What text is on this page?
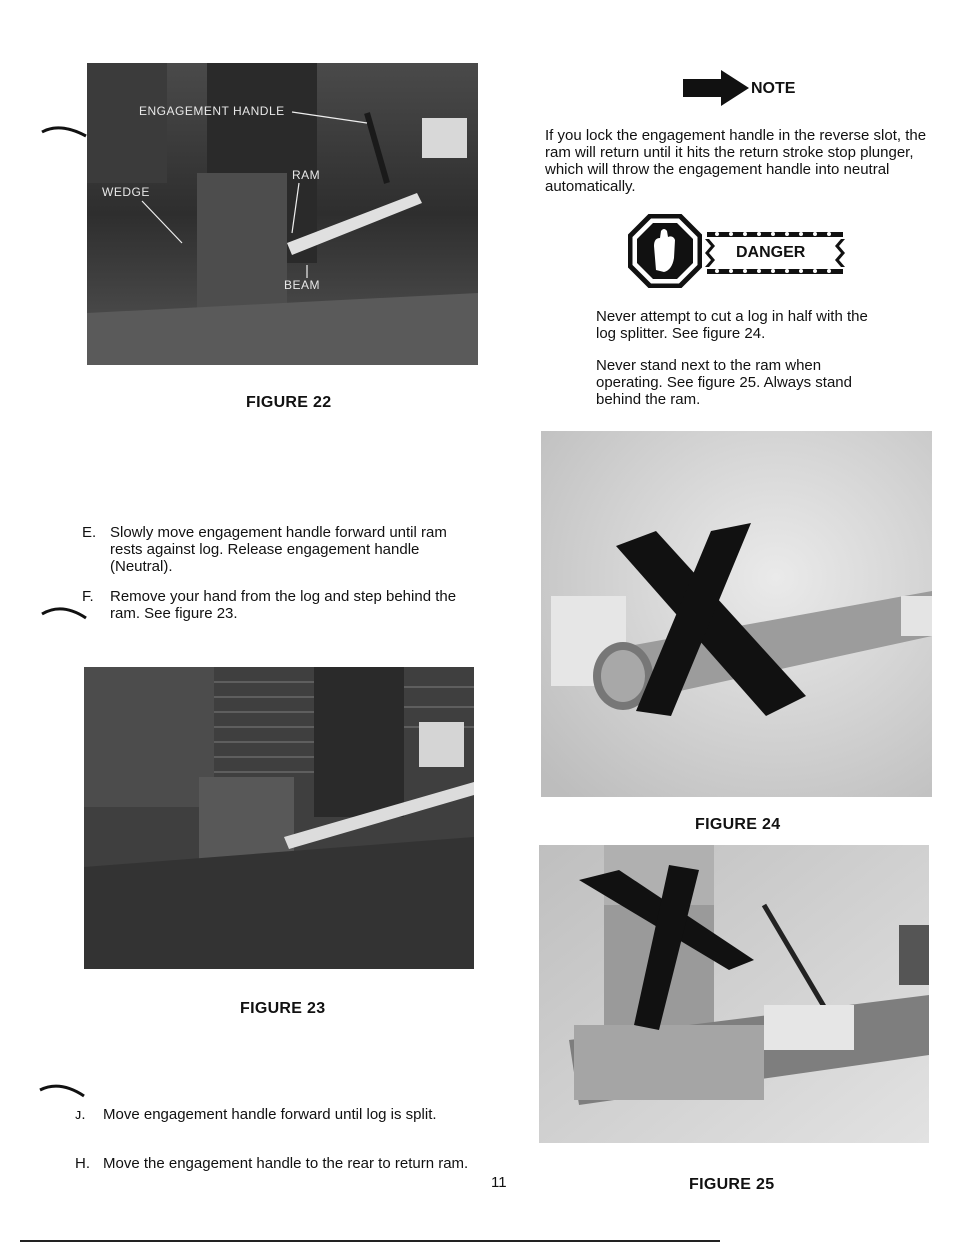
ENGAGEMENT HANDLE
RAM
WEDGE
BEAM
FIGURE 22
NOTE
If you lock the engagement handle in the reverse slot, the ram will return until it hits the return stroke stop plunger, which will throw the engagement handle into neutral automatically.
DANGER
Never attempt to cut a log in half with the log splitter. See figure 24.
Never stand next to the ram when operating. See figure 25. Always stand behind the ram.
E. Slowly move engagement handle forward until ram rests against log. Release engagement handle (Neutral).
F. Remove your hand from the log and step behind the ram. See figure 23.
FIGURE 23
ᴊ. Move engagement handle forward until log is split.
H. Move the engagement handle to the rear to return ram.
11
FIGURE 24
FIGURE 25
